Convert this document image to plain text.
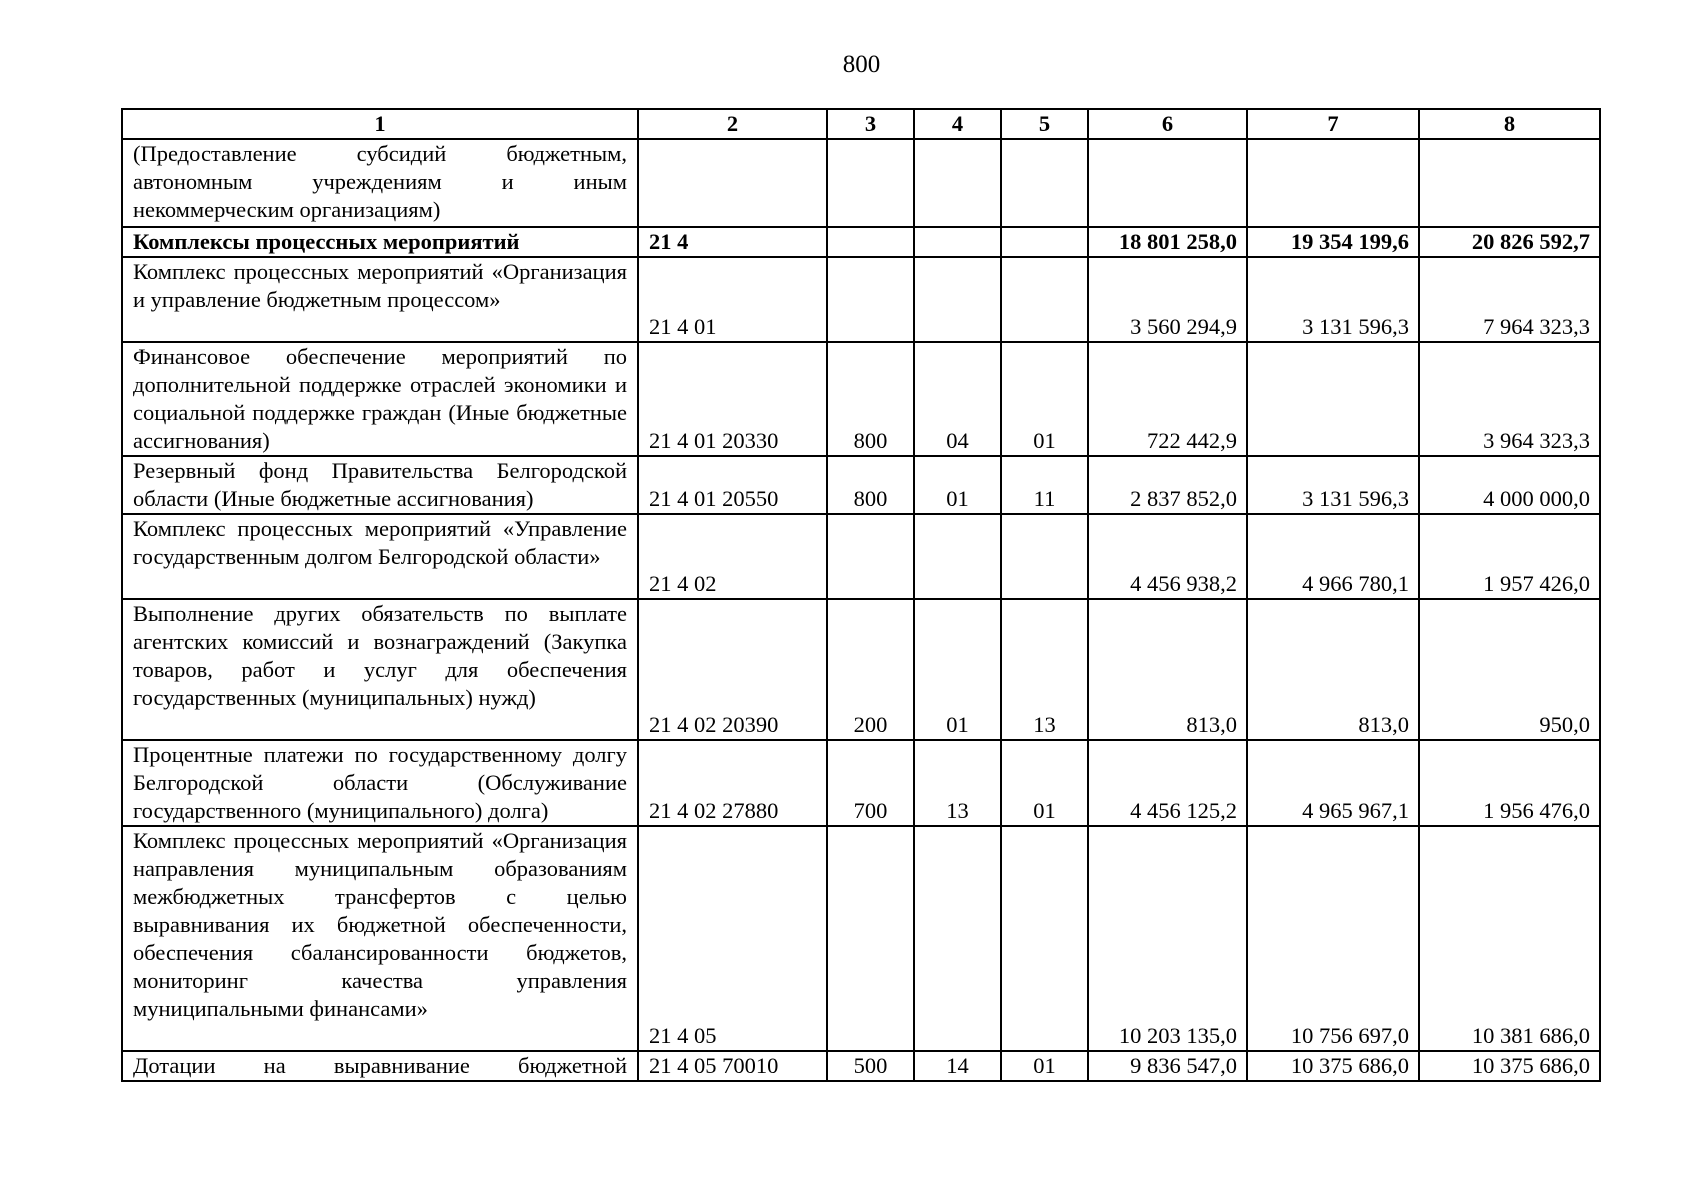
800
1	2	3	4	5	6	7	8
(Предоставление субсидий бюджетным, автономным учреждениям и иным некоммерческим организациям)							
Комплексы процессных мероприятий	21 4				18 801 258,0	19 354 199,6	20 826 592,7
Комплекс процессных мероприятий «Организация и управление бюджетным процессом»	21 4 01				3 560 294,9	3 131 596,3	7 964 323,3
Финансовое обеспечение мероприятий по дополнительной поддержке отраслей экономики и социальной поддержке граждан (Иные бюджетные ассигнования)	21 4 01 20330	800	04	01	722 442,9		3 964 323,3
Резервный фонд Правительства Белгородской области (Иные бюджетные ассигнования)	21 4 01 20550	800	01	11	2 837 852,0	3 131 596,3	4 000 000,0
Комплекс процессных мероприятий «Управление государственным долгом Белгородской области»	21 4 02				4 456 938,2	4 966 780,1	1 957 426,0
Выполнение других обязательств по выплате агентских комиссий и вознаграждений (Закупка товаров, работ и услуг для обеспечения государственных (муниципальных) нужд)	21 4 02 20390	200	01	13	813,0	813,0	950,0
Процентные платежи по государственному долгу Белгородской области (Обслуживание государственного (муниципального) долга)	21 4 02 27880	700	13	01	4 456 125,2	4 965 967,1	1 956 476,0
Комплекс процессных мероприятий «Организация направления муниципальным образованиям межбюджетных трансфертов с целью выравнивания их бюджетной обеспеченности, обеспечения сбалансированности бюджетов, мониторинг качества управления муниципальными финансами»	21 4 05				10 203 135,0	10 756 697,0	10 381 686,0
Дотации на выравнивание бюджетной	21 4 05 70010	500	14	01	9 836 547,0	10 375 686,0	10 375 686,0
